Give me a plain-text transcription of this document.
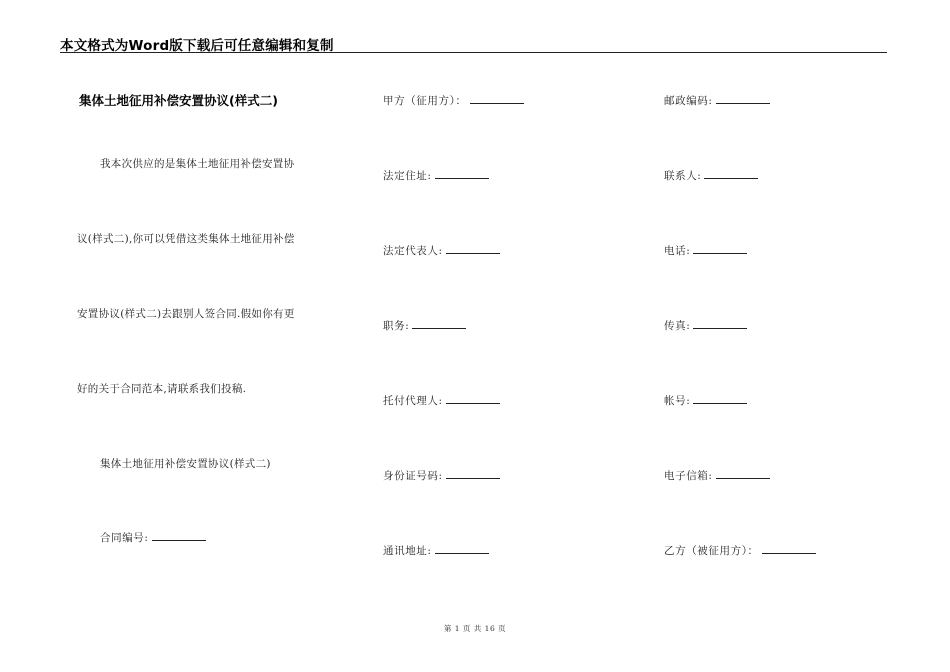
本文格式为Word版下载后可任意编辑和复制
集体土地征用补偿安置协议(样式二)
我本次供应的是集体土地征用补偿安置协
议(样式二),你可以凭借这类集体土地征用补偿
安置协议(样式二)去跟别人签合同.假如你有更
好的关于合同范本,请联系我们投稿.
集体土地征用补偿安置协议(样式二)
合同编号:
甲方（征用方）：
法定住址:
法定代表人:
职务:
托付代理人:
身份证号码:
通讯地址:
邮政编码:
联系人:
电话:
传真:
帐号:
电子信箱:
乙方（被征用方）：
第 1 页 共 16 页
